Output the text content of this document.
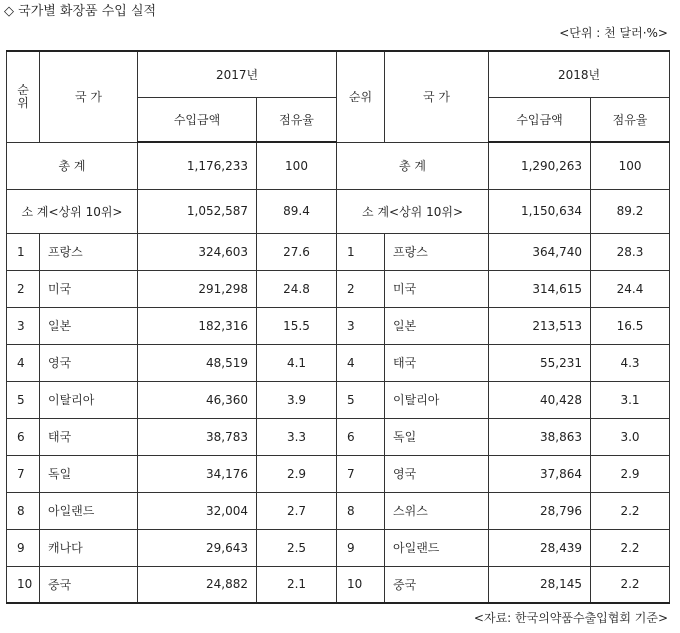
◇ 국가별 화장품 수입 실적
<단위 : 천 달러·%>
순
위	국 가	2017년		순위	국 가	2018년	
		수입금액	점유율			수입금액	점유율
총 계		1,176,233	100	총 계		1,290,263	100
소 계<상위 10위>		1,052,587	89.4	소 계<상위 10위>		1,150,634	89.2
1	프랑스	324,603	27.6	1	프랑스	364,740	28.3
2	미국	291,298	24.8	2	미국	314,615	24.4
3	일본	182,316	15.5	3	일본	213,513	16.5
4	영국	48,519	4.1	4	태국	55,231	4.3
5	이탈리아	46,360	3.9	5	이탈리아	40,428	3.1
6	태국	38,783	3.3	6	독일	38,863	3.0
7	독일	34,176	2.9	7	영국	37,864	2.9
8	아일랜드	32,004	2.7	8	스위스	28,796	2.2
9	캐나다	29,643	2.5	9	아일랜드	28,439	2.2
10	중국	24,882	2.1	10	중국	28,145	2.2
<자료: 한국의약품수출입협회 기준>
